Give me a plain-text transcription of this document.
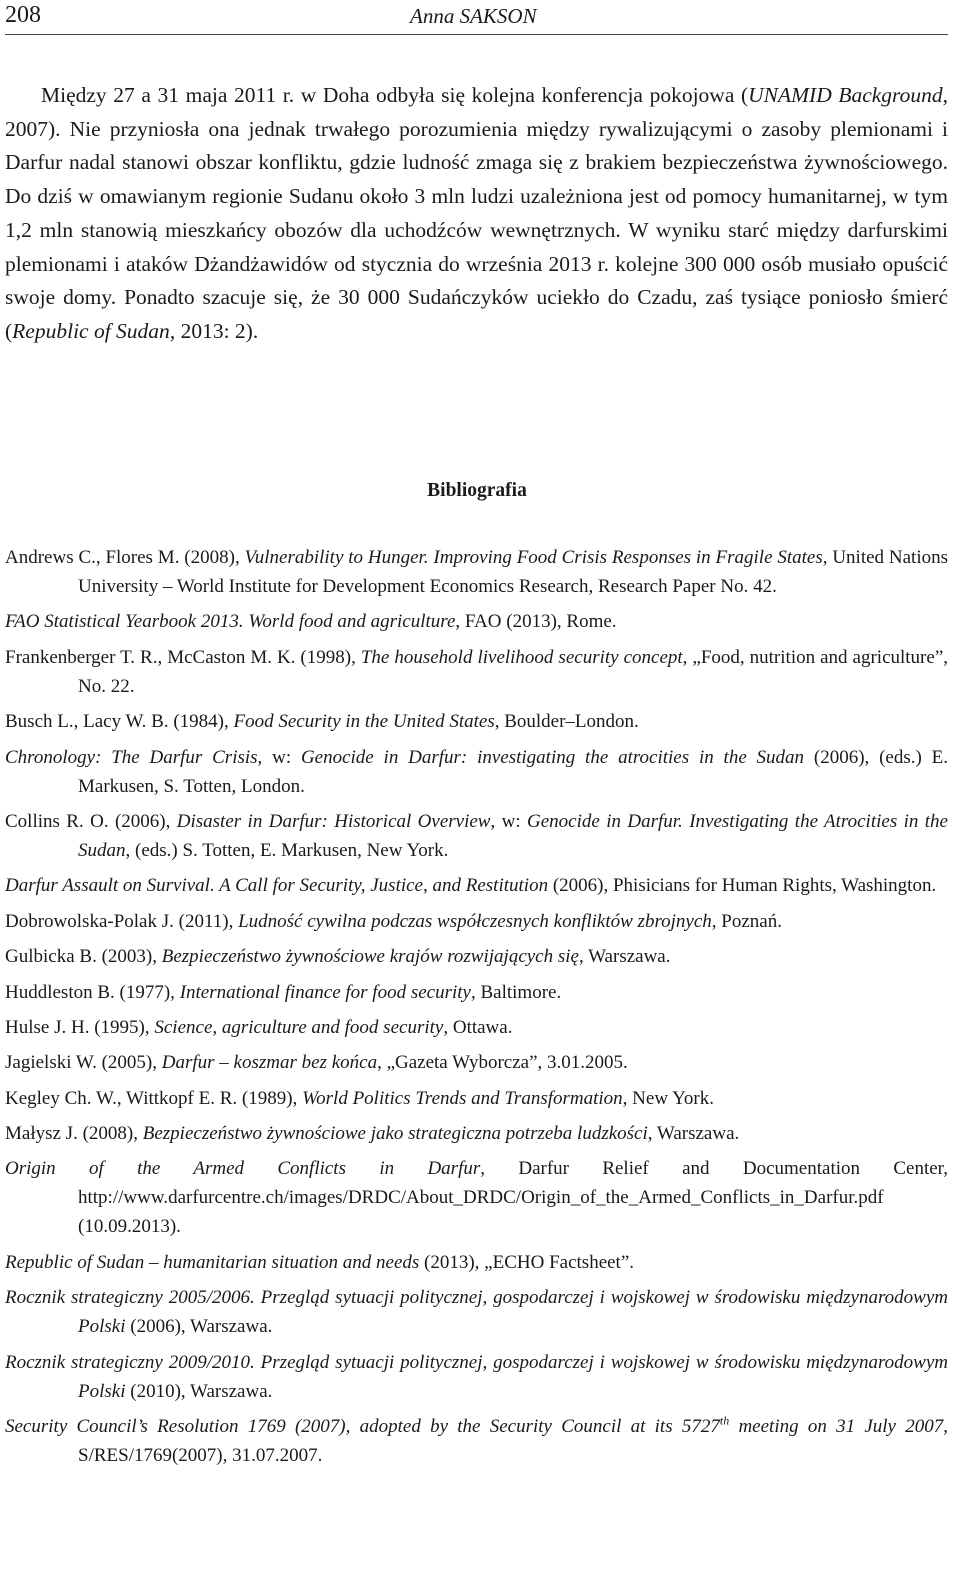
208	Anna SAKSON

Między 27 a 31 maja 2011 r. w Doha odbyła się kolejna konferencja pokojowa (UNAMID Background, 2007). Nie przyniosła ona jednak trwałego porozumienia między rywalizującymi o zasoby plemionami i Darfur nadal stanowi obszar konfliktu, gdzie ludność zmaga się z brakiem bezpieczeństwa żywnościowego. Do dziś w omawianym regionie Sudanu około 3 mln ludzi uzależniona jest od pomocy humanitarnej, w tym 1,2 mln stanowią mieszkańcy obozów dla uchodźców wewnętrznych. W wyniku starć między darfurskimi plemionami i ataków Dżandżawidów od stycznia do września 2013 r. kolejne 300 000 osób musiało opuścić swoje domy. Ponadto szacuje się, że 30 000 Sudańczyków uciekło do Czadu, zaś tysiące poniosło śmierć (Republic of Sudan, 2013: 2).

Bibliografia
Andrews C., Flores M. (2008), Vulnerability to Hunger. Improving Food Crisis Responses in Fragile States, United Nations University – World Institute for Development Economics Research, Research Paper No. 42.
FAO Statistical Yearbook 2013. World food and agriculture, FAO (2013), Rome.
Frankenberger T. R., McCaston M. K. (1998), The household livelihood security concept, „Food, nutrition and agriculture”, No. 22.
Busch L., Lacy W. B. (1984), Food Security in the United States, Boulder–London.
Chronology: The Darfur Crisis, w: Genocide in Darfur: investigating the atrocities in the Sudan (2006), (eds.) E. Markusen, S. Totten, London.
Collins R. O. (2006), Disaster in Darfur: Historical Overview, w: Genocide in Darfur. Investigating the Atrocities in the Sudan, (eds.) S. Totten, E. Markusen, New York.
Darfur Assault on Survival. A Call for Security, Justice, and Restitution (2006), Phisicians for Human Rights, Washington.
Dobrowolska-Polak J. (2011), Ludność cywilna podczas współczesnych konfliktów zbrojnych, Poznań.
Gulbicka B. (2003), Bezpieczeństwo żywnościowe krajów rozwijających się, Warszawa.
Huddleston B. (1977), International finance for food security, Baltimore.
Hulse J. H. (1995), Science, agriculture and food security, Ottawa.
Jagielski W. (2005), Darfur – koszmar bez końca, „Gazeta Wyborcza”, 3.01.2005.
Kegley Ch. W., Wittkopf E. R. (1989), World Politics Trends and Transformation, New York.
Małysz J. (2008), Bezpieczeństwo żywnościowe jako strategiczna potrzeba ludzkości, Warszawa.
Origin of the Armed Conflicts in Darfur, Darfur Relief and Documentation Center, http://www.darfurcentre.ch/images/DRDC/About_DRDC/Origin_of_the_Armed_Conflicts_in_Darfur.pdf (10.09.2013).
Republic of Sudan – humanitarian situation and needs (2013), „ECHO Factsheet”.
Rocznik strategiczny 2005/2006. Przegląd sytuacji politycznej, gospodarczej i wojskowej w środowisku międzynarodowym Polski (2006), Warszawa.
Rocznik strategiczny 2009/2010. Przegląd sytuacji politycznej, gospodarczej i wojskowej w środowisku międzynarodowym Polski (2010), Warszawa.
Security Council’s Resolution 1769 (2007), adopted by the Security Council at its 5727th meeting on 31 July 2007, S/RES/1769(2007), 31.07.2007.
